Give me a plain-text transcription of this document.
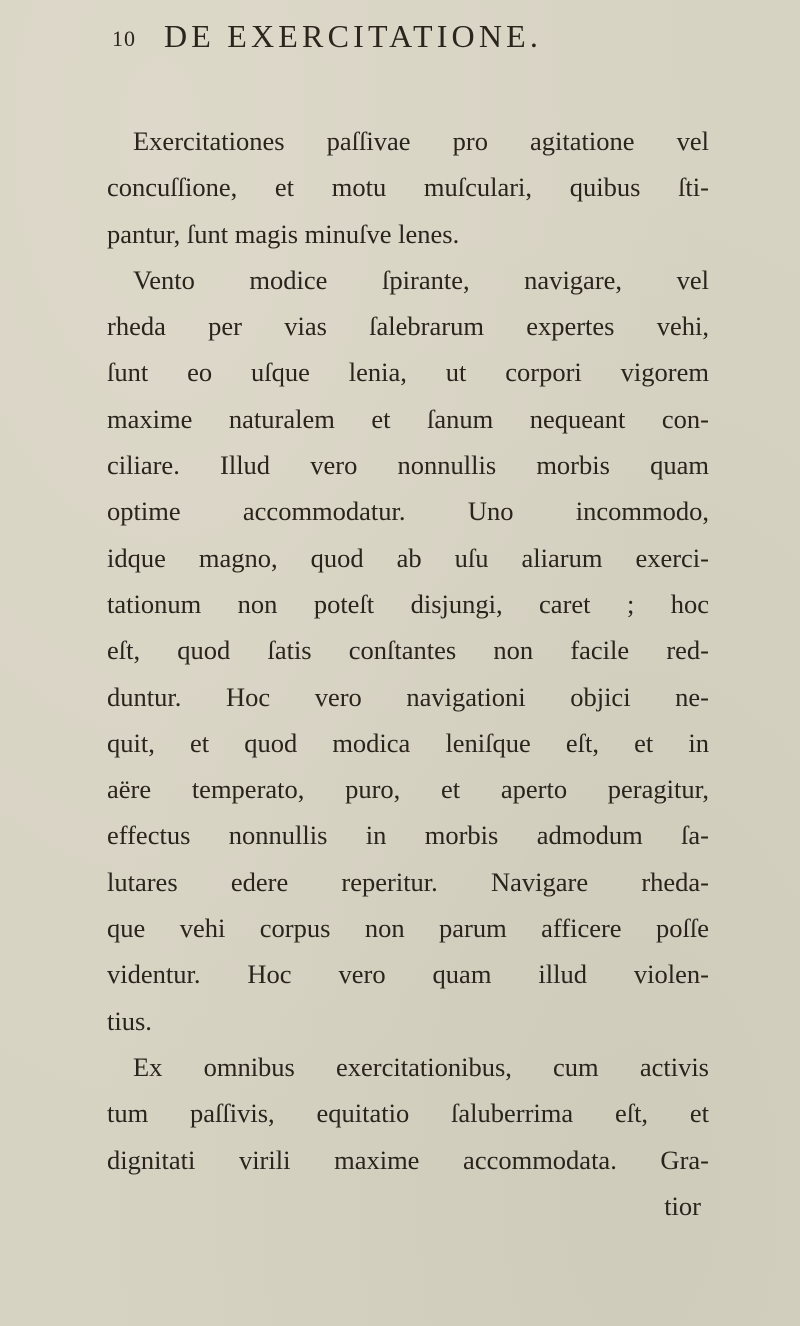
10 DE EXERCITATIONE.
Exercitationes paſſivae pro agitatione vel
concuſſione, et motu muſculari, quibus ſti-
pantur, ſunt magis minuſve lenes.
Vento modice ſpirante, navigare, vel
rheda per vias ſalebrarum expertes vehi,
ſunt eo uſque lenia, ut corpori vigorem
maxime naturalem et ſanum nequeant con-
ciliare. Illud vero nonnullis morbis quam
optime accommodatur. Uno incommodo,
idque magno, quod ab uſu aliarum exerci-
tationum non poteſt disjungi, caret ; hoc
eſt, quod ſatis conſtantes non facile red-
duntur. Hoc vero navigationi objici ne-
quit, et quod modica leniſque eſt, et in
aëre temperato, puro, et aperto peragitur,
effectus nonnullis in morbis admodum ſa-
lutares edere reperitur. Navigare rheda-
que vehi corpus non parum afficere poſſe
videntur. Hoc vero quam illud violen-
tius.
Ex omnibus exercitationibus, cum activis
tum paſſivis, equitatio ſaluberrima eſt, et
dignitati virili maxime accommodata. Gra-
tior
